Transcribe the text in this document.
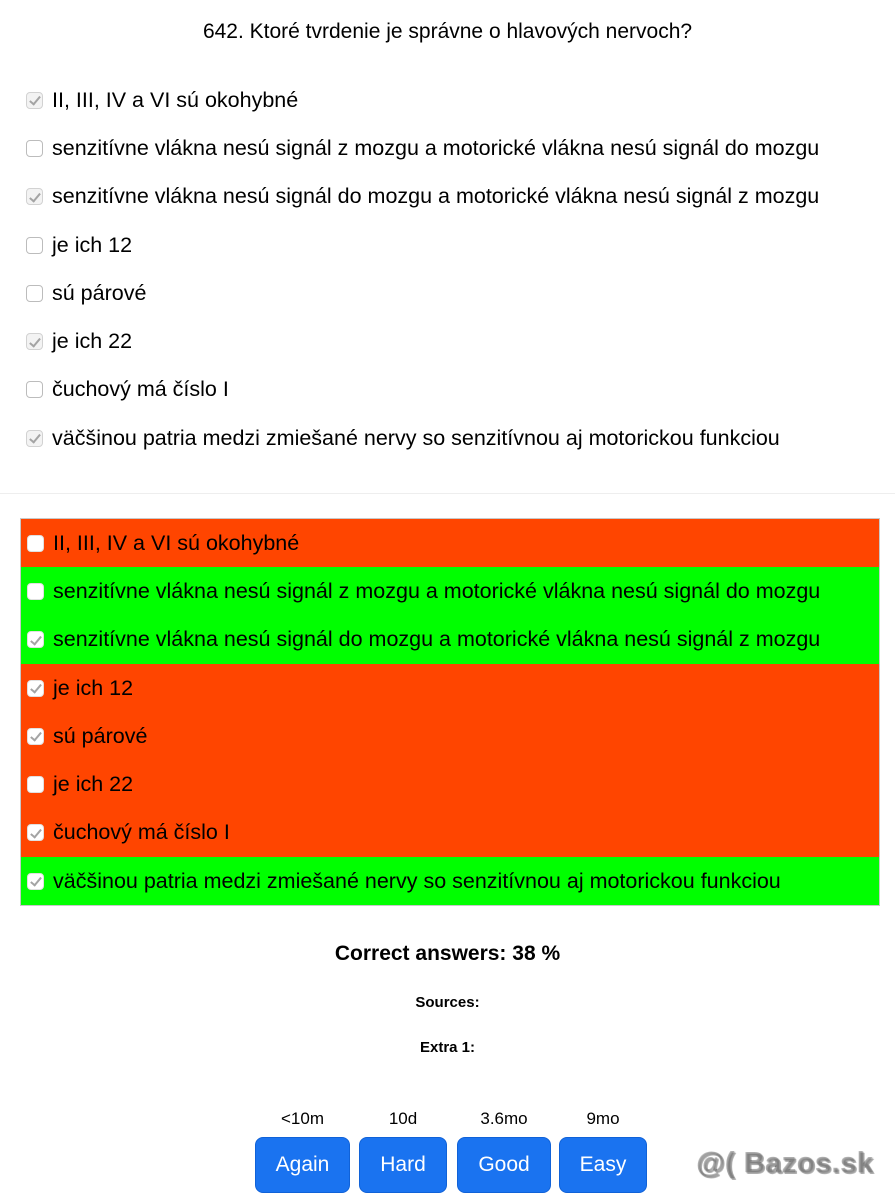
642. Ktoré tvrdenie je správne o hlavových nervoch?
II, III, IV a VI sú okohybné
senzitívne vlákna nesú signál z mozgu a motorické vlákna nesú signál do mozgu
senzitívne vlákna nesú signál do mozgu a motorické vlákna nesú signál z mozgu
je ich 12
sú párové
je ich 22
čuchový má číslo I
väčšinou patria medzi zmiešané nervy so senzitívnou aj motorickou funkciou
II, III, IV a VI sú okohybné
senzitívne vlákna nesú signál z mozgu a motorické vlákna nesú signál do mozgu
senzitívne vlákna nesú signál do mozgu a motorické vlákna nesú signál z mozgu
je ich 12
sú párové
je ich 22
čuchový má číslo I
väčšinou patria medzi zmiešané nervy so senzitívnou aj motorickou funkciou
Correct answers: 38 %
Sources:
Extra 1:
<10m	10d	3.6mo	9mo
Again	Hard	Good	Easy	@( Bazos.sk
